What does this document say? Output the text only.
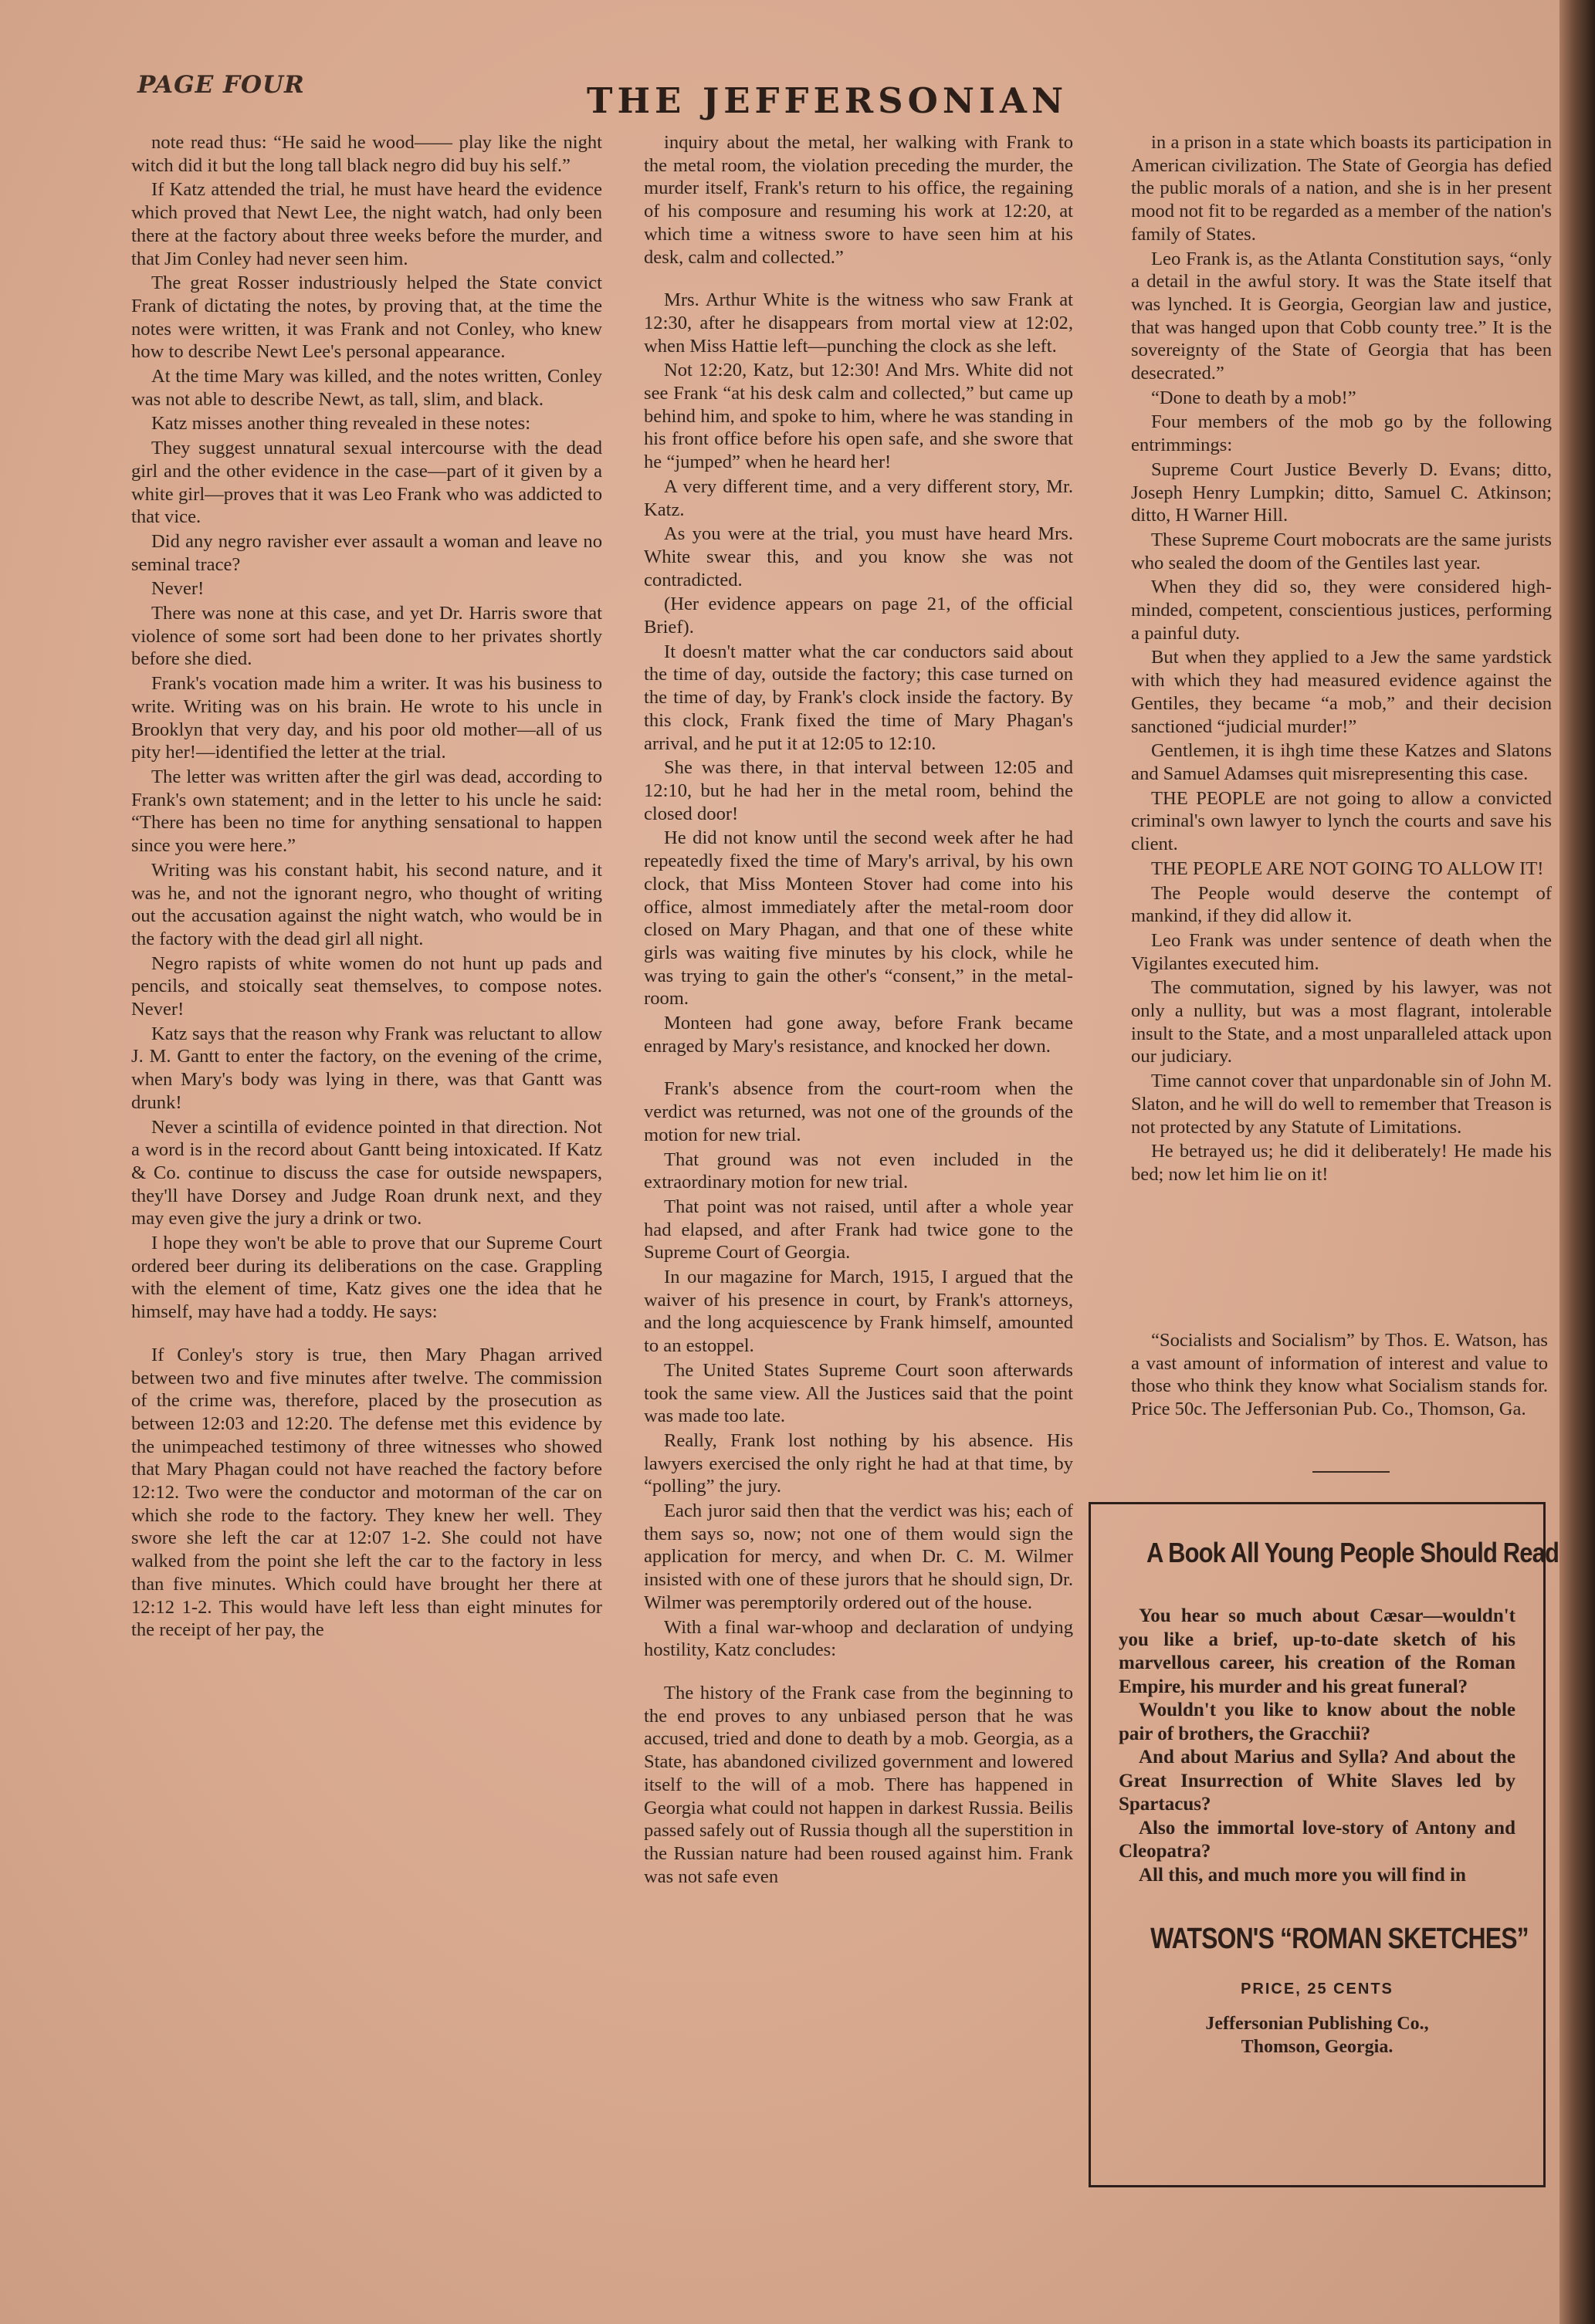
PAGE FOUR	THE JEFFERSONIAN

note read thus: “He said he wood—— play like the night witch did it but the long tall black negro did buy his self.”

If Katz attended the trial, he must have heard the evidence which proved that Newt Lee, the night watch, had only been there at the factory about three weeks before the murder, and that Jim Conley had never seen him.

The great Rosser industriously helped the State convict Frank of dictating the notes, by proving that, at the time the notes were written, it was Frank and not Conley, who knew how to describe Newt Lee's personal appearance.

At the time Mary was killed, and the notes written, Conley was not able to describe Newt, as tall, slim, and black.

Katz misses another thing revealed in these notes:

They suggest unnatural sexual intercourse with the dead girl and the other evidence in the case—part of it given by a white girl—proves that it was Leo Frank who was addicted to that vice.

Did any negro ravisher ever assault a woman and leave no seminal trace?

Never!

There was none at this case, and yet Dr. Harris swore that violence of some sort had been done to her privates shortly before she died.

Frank's vocation made him a writer. It was his business to write. Writing was on his brain. He wrote to his uncle in Brooklyn that very day, and his poor old mother—all of us pity her!—identified the letter at the trial.

The letter was written after the girl was dead, according to Frank's own statement; and in the letter to his uncle he said: “There has been no time for anything sensational to happen since you were here.”

Writing was his constant habit, his second nature, and it was he, and not the ignorant negro, who thought of writing out the accusation against the night watch, who would be in the factory with the dead girl all night.

Negro rapists of white women do not hunt up pads and pencils, and stoically seat themselves, to compose notes. Never!

Katz says that the reason why Frank was reluctant to allow J. M. Gantt to enter the factory, on the evening of the crime, when Mary's body was lying in there, was that Gantt was drunk!

Never a scintilla of evidence pointed in that direction. Not a word is in the record about Gantt being intoxicated. If Katz & Co. continue to discuss the case for outside newspapers, they'll have Dorsey and Judge Roan drunk next, and they may even give the jury a drink or two.

I hope they won't be able to prove that our Supreme Court ordered beer during its deliberations on the case. Grappling with the element of time, Katz gives one the idea that he himself, may have had a toddy. He says:

If Conley's story is true, then Mary Phagan arrived between two and five minutes after twelve. The commission of the crime was, therefore, placed by the prosecution as between 12:03 and 12:20. The defense met this evidence by the unimpeached testimony of three witnesses who showed that Mary Phagan could not have reached the factory before 12:12. Two were the conductor and motorman of the car on which she rode to the factory. They knew her well. They swore she left the car at 12:07 1-2. She could not have walked from the point she left the car to the factory in less than five minutes. Which could have brought her there at 12:12 1-2. This would have left less than eight minutes for the receipt of her pay, the

inquiry about the metal, her walking with Frank to the metal room, the violation preceding the murder, the murder itself, Frank's return to his office, the regaining of his composure and resuming his work at 12:20, at which time a witness swore to have seen him at his desk, calm and collected.”

Mrs. Arthur White is the witness who saw Frank at 12:30, after he disappears from mortal view at 12:02, when Miss Hattie left—punching the clock as she left.

Not 12:20, Katz, but 12:30! And Mrs. White did not see Frank “at his desk calm and collected,” but came up behind him, and spoke to him, where he was standing in his front office before his open safe, and she swore that he “jumped” when he heard her!

A very different time, and a very different story, Mr. Katz.

As you were at the trial, you must have heard Mrs. White swear this, and you know she was not contradicted.

(Her evidence appears on page 21, of the official Brief).

It doesn't matter what the car conductors said about the time of day, outside the factory; this case turned on the time of day, by Frank's clock inside the factory. By this clock, Frank fixed the time of Mary Phagan's arrival, and he put it at 12:05 to 12:10.

She was there, in that interval between 12:05 and 12:10, but he had her in the metal room, behind the closed door!

He did not know until the second week after he had repeatedly fixed the time of Mary's arrival, by his own clock, that Miss Monteen Stover had come into his office, almost immediately after the metal-room door closed on Mary Phagan, and that one of these white girls was waiting five minutes by his clock, while he was trying to gain the other's “consent,” in the metal- room.

Monteen had gone away, before Frank became enraged by Mary's resistance, and knocked her down.

Frank's absence from the court-room when the verdict was returned, was not one of the grounds of the motion for new trial.

That ground was not even included in the extraordinary motion for new trial.

That point was not raised, until after a whole year had elapsed, and after Frank had twice gone to the Supreme Court of Georgia.

In our magazine for March, 1915, I argued that the waiver of his presence in court, by Frank's attorneys, and the long acquiescence by Frank himself, amounted to an estoppel.

The United States Supreme Court soon afterwards took the same view. All the Justices said that the point was made too late.

Really, Frank lost nothing by his absence. His lawyers exercised the only right he had at that time, by “polling” the jury.

Each juror said then that the verdict was his; each of them says so, now; not one of them would sign the application for mercy, and when Dr. C. M. Wilmer insisted with one of these jurors that he should sign, Dr. Wilmer was peremptorily ordered out of the house.

With a final war-whoop and declaration of undying hostility, Katz concludes:

The history of the Frank case from the beginning to the end proves to any unbiased person that he was accused, tried and done to death by a mob. Georgia, as a State, has abandoned civilized government and lowered itself to the will of a mob. There has happened in Georgia what could not happen in darkest Russia. Beilis passed safely out of Russia though all the superstition in the Russian nature had been roused against him. Frank was not safe even

in a prison in a state which boasts its participation in American civilization. The State of Georgia has defied the public morals of a nation, and she is in her present mood not fit to be regarded as a member of the nation's family of States.

Leo Frank is, as the Atlanta Constitution says, “only a detail in the awful story. It was the State itself that was lynched. It is Georgia, Georgian law and justice, that was hanged upon that Cobb county tree.” It is the sovereignty of the State of Georgia that has been desecrated.”

“Done to death by a mob!”

Four members of the mob go by the following entrimmings:

Supreme Court Justice Beverly D. Evans; ditto, Joseph Henry Lumpkin; ditto, Samuel C. Atkinson; ditto, H Warner Hill.

These Supreme Court mobocrats are the same jurists who sealed the doom of the Gentiles last year.

When they did so, they were considered high-minded, competent, conscientious justices, performing a painful duty.

But when they applied to a Jew the same yardstick with which they had measured evidence against the Gentiles, they became “a mob,” and their decision sanctioned “judicial murder!”

Gentlemen, it is ihgh time these Katzes and Slatons and Samuel Adamses quit misrepresenting this case.

THE PEOPLE are not going to allow a convicted criminal's own lawyer to lynch the courts and save his client.

THE PEOPLE ARE NOT GOING TO ALLOW IT!

The People would deserve the contempt of mankind, if they did allow it.

Leo Frank was under sentence of death when the Vigilantes executed him.

The commutation, signed by his lawyer, was not only a nullity, but was a most flagrant, intolerable insult to the State, and a most unparalleled attack upon our judiciary.

Time cannot cover that unpardonable sin of John M. Slaton, and he will do well to remember that Treason is not protected by any Statute of Limitations.

He betrayed us; he did it deliberately! He made his bed; now let him lie on it!

“Socialists and Socialism” by Thos. E. Watson, has a vast amount of information of interest and value to those who think they know what Socialism stands for. Price 50c. The Jeffersonian Pub. Co., Thomson, Ga.

A Book All Young People Should Read

You hear so much about Cæsar—wouldn't you like a brief, up-to-date sketch of his marvellous career, his creation of the Roman Empire, his murder and his great funeral?

Wouldn't you like to know about the noble pair of brothers, the Gracchii?

And about Marius and Sylla? And about the Great Insurrection of White Slaves led by Spartacus?

Also the immortal love-story of Antony and Cleopatra?

All this, and much more you will find in

WATSON'S “ROMAN SKETCHES”
PRICE, 25 CENTS
Jeffersonian Publishing Co.,
Thomson, Georgia.
